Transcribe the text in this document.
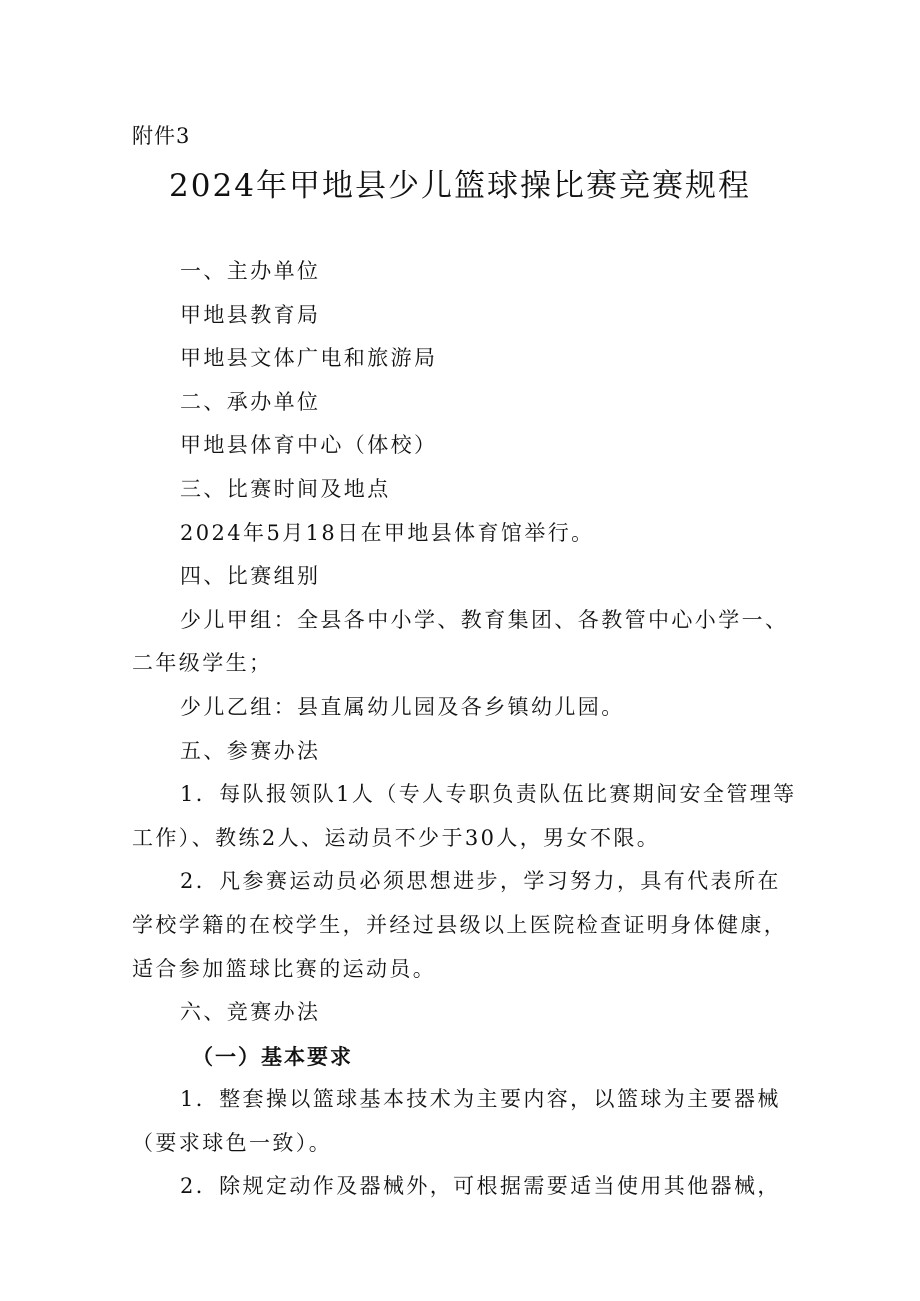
附件3
2024年甲地县少儿篮球操比赛竞赛规程
一、主办单位
甲地县教育局
甲地县文体广电和旅游局
二、承办单位
甲地县体育中心（体校）
三、比赛时间及地点
2024年5月18日在甲地县体育馆举行。
四、比赛组别
少儿甲组：全县各中小学、教育集团、各教管中心小学一、
二年级学生；
少儿乙组：县直属幼儿园及各乡镇幼儿园。
五、参赛办法
1．每队报领队1人（专人专职负责队伍比赛期间安全管理等
工作）、教练2人、运动员不少于30人，男女不限。
2．凡参赛运动员必须思想进步，学习努力，具有代表所在
学校学籍的在校学生，并经过县级以上医院检查证明身体健康，
适合参加篮球比赛的运动员。
六、竞赛办法
（一）基本要求
1．整套操以篮球基本技术为主要内容，以篮球为主要器械
（要求球色一致）。
2．除规定动作及器械外，可根据需要适当使用其他器械，
